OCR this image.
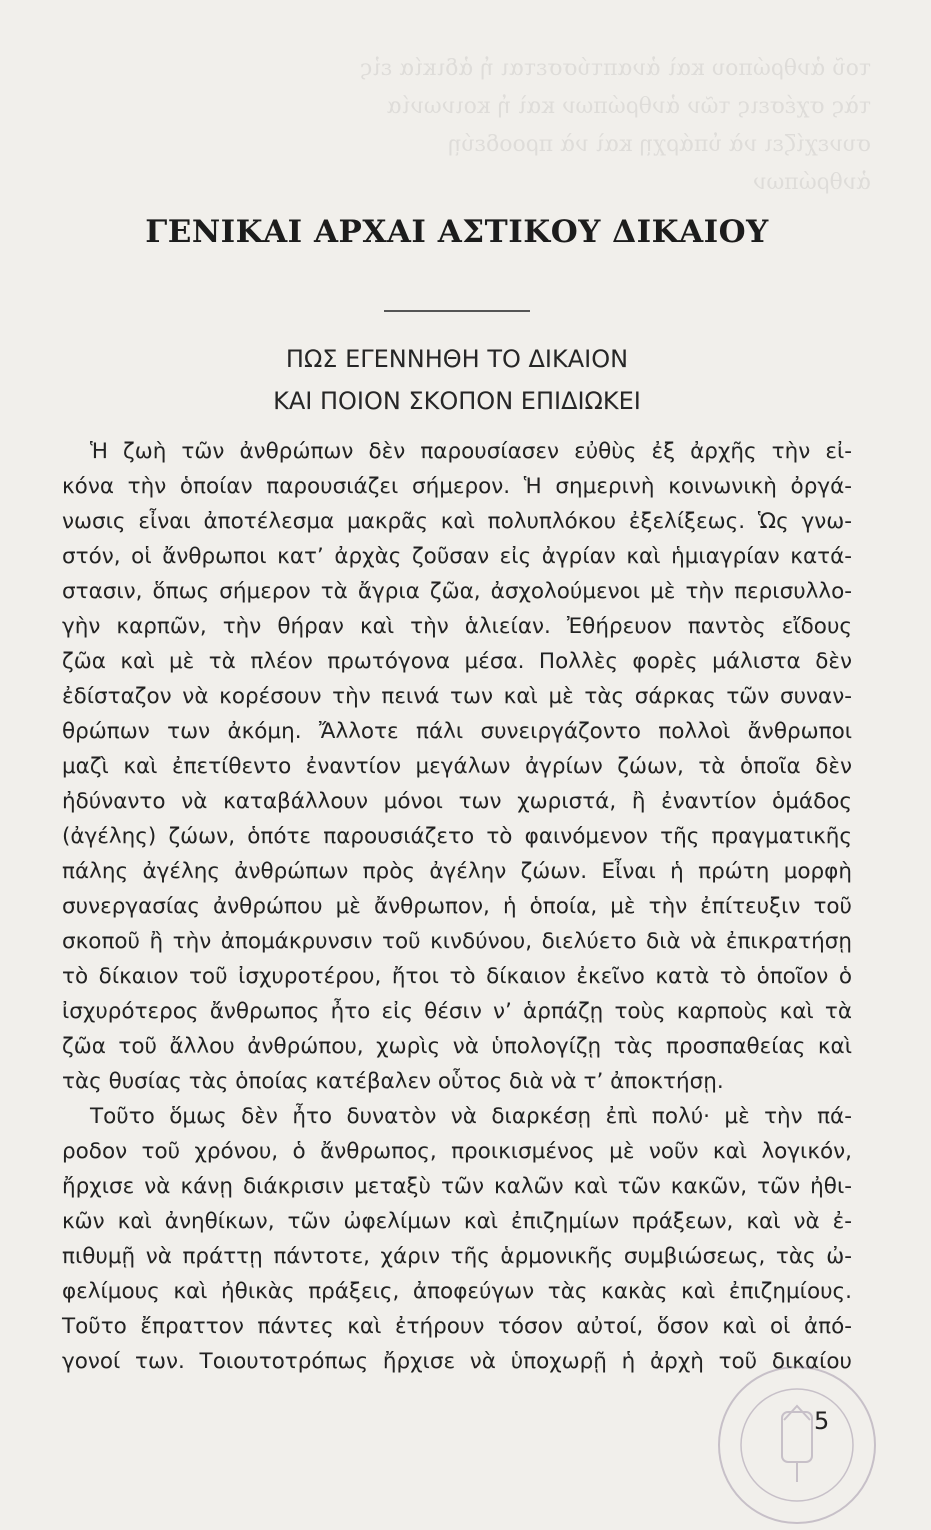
τοῦ ἀνθρώπου καὶ ἀναπτύσσεται ἡ ἀδικία εἰς
τὰς σχέσεις τῶν ἀνθρώπων καὶ ἡ κοινωνία
συνεχίζει νὰ ὑπάρχῃ καὶ νὰ προοδεύῃ
ἀνθρώπων
ΓΕΝΙΚΑΙ ΑΡΧΑΙ ΑΣΤΙΚΟΥ ΔΙΚΑΙΟΥ
ΠΩΣ ΕΓΕΝΝΗΘΗ ΤΟ ΔΙΚΑΙΟΝ
ΚΑΙ ΠΟΙΟΝ ΣΚΟΠΟΝ ΕΠΙΔΙΩΚΕΙ
Ἡ ζωὴ τῶν ἀνθρώπων δὲν παρουσίασεν εὐθὺς ἐξ ἀρχῆς τὴν εἰ-
κόνα τὴν ὁποίαν παρουσιάζει σήμερον. Ἡ σημερινὴ κοινωνικὴ ὀργά-
νωσις εἶναι ἀποτέλεσμα μακρᾶς καὶ πολυπλόκου ἐξελίξεως. Ὡς γνω-
στόν, οἱ ἄνθρωποι κατ’ ἀρχὰς ζοῦσαν εἰς ἀγρίαν καὶ ἡμιαγρίαν κατά-
στασιν, ὅπως σήμερον τὰ ἄγρια ζῶα, ἀσχολούμενοι μὲ τὴν περισυλλο-
γὴν καρπῶν, τὴν θήραν καὶ τὴν ἁλιείαν. Ἐθήρευον παντὸς εἴδους
ζῶα καὶ μὲ τὰ πλέον πρωτόγονα μέσα. Πολλὲς φορὲς μάλιστα δὲν
ἐδίσταζον νὰ κορέσουν τὴν πεινά των καὶ μὲ τὰς σάρκας τῶν συναν-
θρώπων των ἀκόμη. Ἄλλοτε πάλι συνειργάζοντο πολλοὶ ἄνθρωποι
μαζὶ καὶ ἐπετίθεντο ἐναντίον μεγάλων ἀγρίων ζώων, τὰ ὁποῖα δὲν
ἠδύναντο νὰ καταβάλλουν μόνοι των χωριστά, ἢ ἐναντίον ὁμάδος
(ἀγέλης) ζώων, ὁπότε παρουσιάζετο τὸ φαινόμενον τῆς πραγματικῆς
πάλης ἀγέλης ἀνθρώπων πρὸς ἀγέλην ζώων. Εἶναι ἡ πρώτη μορφὴ
συνεργασίας ἀνθρώπου μὲ ἄνθρωπον, ἡ ὁποία, μὲ τὴν ἐπίτευξιν τοῦ
σκοποῦ ἢ τὴν ἀπομάκρυνσιν τοῦ κινδύνου, διελύετο διὰ νὰ ἐπικρατήσῃ
τὸ δίκαιον τοῦ ἰσχυροτέρου, ἤτοι τὸ δίκαιον ἐκεῖνο κατὰ τὸ ὁποῖον ὁ
ἰσχυρότερος ἄνθρωπος ἦτο εἰς θέσιν ν’ ἁρπάζῃ τοὺς καρποὺς καὶ τὰ
ζῶα τοῦ ἄλλου ἀνθρώπου, χωρὶς νὰ ὑπολογίζῃ τὰς προσπαθείας καὶ
τὰς θυσίας τὰς ὁποίας κατέβαλεν οὗτος διὰ νὰ τ’ ἀποκτήσῃ.
Τοῦτο ὅμως δὲν ἦτο δυνατὸν νὰ διαρκέσῃ ἐπὶ πολύ· μὲ τὴν πά-
ροδον τοῦ χρόνου, ὁ ἄνθρωπος, προικισμένος μὲ νοῦν καὶ λογικόν,
ἤρχισε νὰ κάνῃ διάκρισιν μεταξὺ τῶν καλῶν καὶ τῶν κακῶν, τῶν ἠθι-
κῶν καὶ ἀνηθίκων, τῶν ὠφελίμων καὶ ἐπιζημίων πράξεων, καὶ νὰ ἐ-
πιθυμῇ νὰ πράττῃ πάντοτε, χάριν τῆς ἁρμονικῆς συμβιώσεως, τὰς ὠ-
φελίμους καὶ ἠθικὰς πράξεις, ἀποφεύγων τὰς κακὰς καὶ ἐπιζημίους.
Τοῦτο ἔπραττον πάντες καὶ ἐτήρουν τόσον αὐτοί, ὅσον καὶ οἱ ἀπό-
γονοί των. Τοιουτοτρόπως ἤρχισε νὰ ὑποχωρῇ ἡ ἀρχὴ τοῦ δικαίου
5
